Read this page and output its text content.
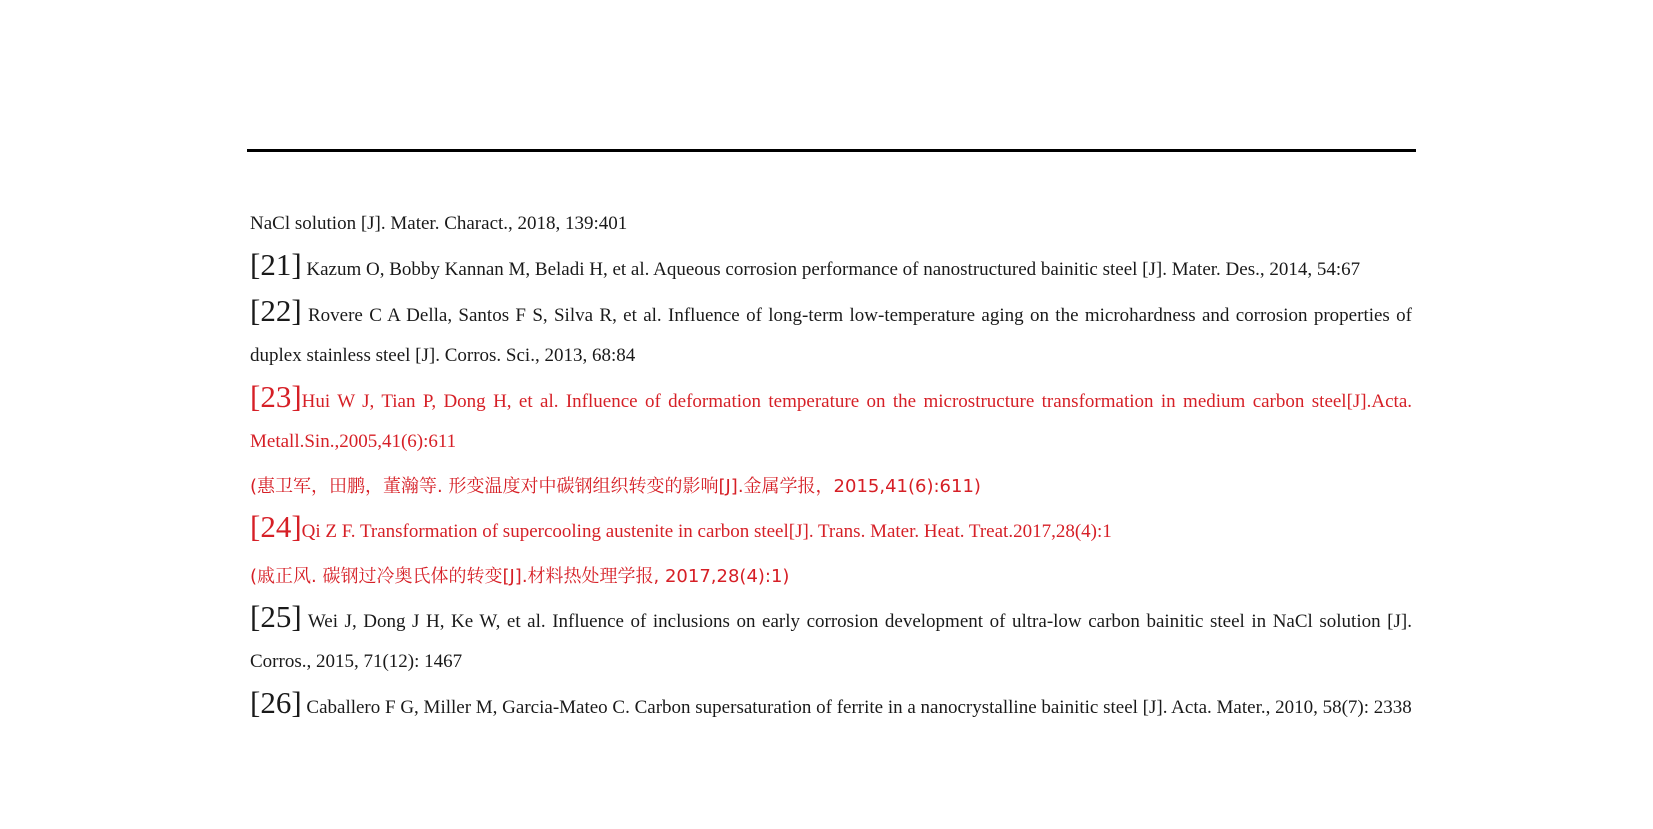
NaCl solution [J]. Mater. Charact., 2018, 139:401

[21] Kazum O, Bobby Kannan M, Beladi H, et al. Aqueous corrosion performance of nanostructured bainitic steel [J]. Mater. Des., 2014, 54:67

[22] Rovere C A Della, Santos F S, Silva R, et al. Influence of long-term low-temperature aging on the microhardness and corrosion properties of duplex stainless steel [J]. Corros. Sci., 2013, 68:84

[23]Hui W J, Tian P, Dong H, et al. Influence of deformation temperature on the microstructure transformation in medium carbon steel[J].Acta. Metall.Sin.,2005,41(6):611

(惠卫军，田鹏，董瀚等. 形变温度对中碳钢组织转变的影响[J].金属学报，2015,41(6):611)

[24]Qi Z F. Transformation of supercooling austenite in carbon steel[J]. Trans. Mater. Heat. Treat.2017,28(4):1

(戚正风. 碳钢过冷奥氏体的转变[J].材料热处理学报, 2017,28(4):1)

[25] Wei J, Dong J H, Ke W, et al. Influence of inclusions on early corrosion development of ultra-low carbon bainitic steel in NaCl solution [J]. Corros., 2015, 71(12): 1467

[26] Caballero F G, Miller M, Garcia-Mateo C. Carbon supersaturation of ferrite in a nanocrystalline bainitic steel [J]. Acta. Mater., 2010, 58(7): 2338
